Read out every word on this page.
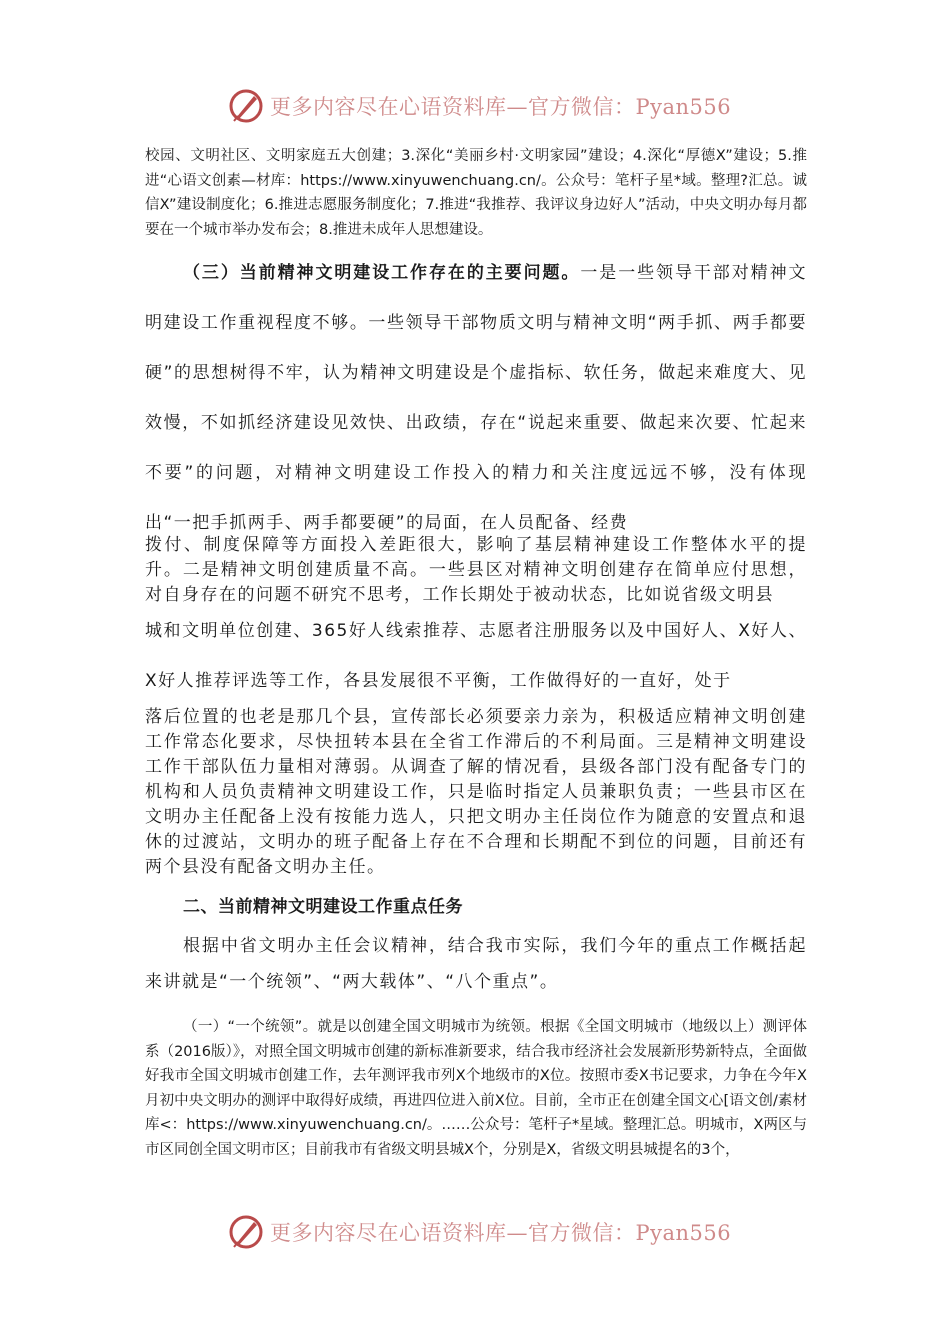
更多内容尽在心语资料库—官方微信：Pyan556

校园、文明社区、文明家庭五大创建；3.深化“美丽乡村·文明家园”建设；4.深化“厚德X”建设；5.推进“心语文创素—材库：https://www.xinyuwenchuang.cn/。公众号：笔杆子星*域。整理?汇总。诚信X”建设制度化；6.推进志愿服务制度化；7.推进“我推荐、我评议身边好人”活动，中央文明办每月都要在一个城市举办发布会；8.推进未成年人思想建设。

（三）当前精神文明建设工作存在的主要问题。一是一些领导干部对精神文明建设工作重视程度不够。一些领导干部物质文明与精神文明“两手抓、两手都要硬”的思想树得不牢，认为精神文明建设是个虚指标、软任务，做起来难度大、见效慢，不如抓经济建设见效快、出政绩，存在“说起来重要、做起来次要、忙起来不要”的问题，对精神文明建设工作投入的精力和关注度远远不够，没有体现出“一把手抓两手、两手都要硬”的局面，在人员配备、经费

拨付、制度保障等方面投入差距很大，影响了基层精神建设工作整体水平的提升。二是精神文明创建质量不高。一些县区对精神文明创建存在简单应付思想，对自身存在的问题不研究不思考，工作长期处于被动状态，比如说省级文明县

城和文明单位创建、365好人线索推荐、志愿者注册服务以及中国好人、X好人、X好人推荐评选等工作，各县发展很不平衡，工作做得好的一直好，处于

落后位置的也老是那几个县，宣传部长必须要亲力亲为，积极适应精神文明创建工作常态化要求，尽快扭转本县在全省工作滞后的不利局面。三是精神文明建设工作干部队伍力量相对薄弱。从调查了解的情况看，县级各部门没有配备专门的机构和人员负责精神文明建设工作，只是临时指定人员兼职负责；一些县市区在文明办主任配备上没有按能力选人，只把文明办主任岗位作为随意的安置点和退休的过渡站，文明办的班子配备上存在不合理和长期配不到位的问题，目前还有两个县没有配备文明办主任。

二、当前精神文明建设工作重点任务

根据中省文明办主任会议精神，结合我市实际，我们今年的重点工作概括起来讲就是“一个统领”、“两大载体”、“八个重点”。

（一）“一个统领”。就是以创建全国文明城市为统领。根据《全国文明城市（地级以上）测评体系（2016版）》，对照全国文明城市创建的新标准新要求，结合我市经济社会发展新形势新特点，全面做好我市全国文明城市创建工作，去年测评我市列X个地级市的X位。按照市委X书记要求，力争在今年X月初中央文明办的测评中取得好成绩，再进四位进入前X位。目前，全市正在创建全国文心[语文创/素材库<：https://www.xinyuwenchuang.cn/。……公众号：笔杆子*星域。整理汇总。明城市，X两区与市区同创全国文明市区；目前我市有省级文明县城X个，分别是X，省级文明县城提名的3个，

更多内容尽在心语资料库—官方微信：Pyan556
